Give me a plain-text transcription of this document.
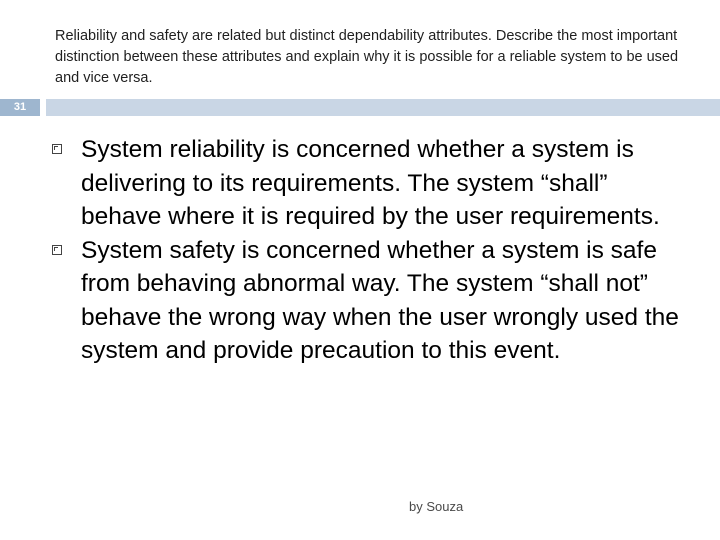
Reliability and safety are related but distinct dependability attributes. Describe the most important distinction between these attributes and explain why it is possible for a reliable system to be used and vice versa.

31
System reliability is concerned whether a system is delivering to its requirements. The system “shall” behave where it is required by the user requirements.
System safety is concerned whether a system is safe from behaving abnormal way. The system “shall not” behave the wrong way when the user wrongly used the system and provide precaution to this event.
by Souza
